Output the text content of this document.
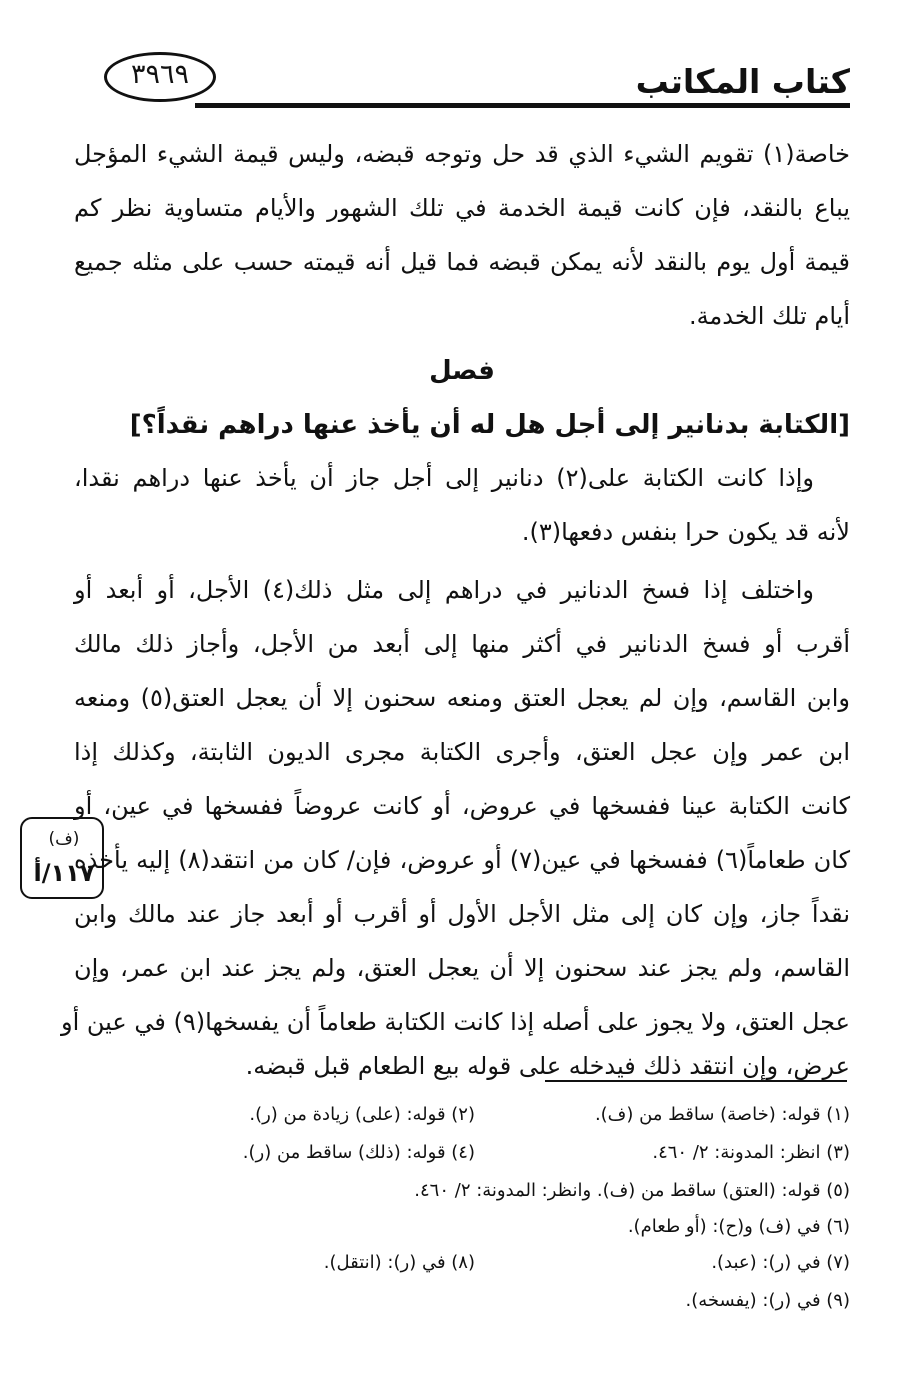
كتاب المكاتب
٣٩٦٩
خاصة(١) تقويم الشيء الذي قد حل وتوجه قبضه، وليس قيمة الشيء المؤجل
يباع بالنقد، فإن كانت قيمة الخدمة في تلك الشهور والأيام متساوية نظر كم
قيمة أول يوم بالنقد لأنه يمكن قبضه فما قيل أنه قيمته حسب على مثله جميع
أيام تلك الخدمة.
فصل
[الكتابة بدنانير إلى أجل هل له أن يأخذ عنها دراهم نقداً؟]
وإذا كانت الكتابة على(٢) دنانير إلى أجل جاز أن يأخذ عنها دراهم نقدا،
لأنه قد يكون حرا بنفس دفعها(٣).
واختلف إذا فسخ الدنانير في دراهم إلى مثل ذلك(٤) الأجل، أو أبعد أو
أقرب أو فسخ الدنانير في أكثر منها إلى أبعد من الأجل، وأجاز ذلك مالك
وابن القاسم، وإن لم يعجل العتق ومنعه سحنون إلا أن يعجل العتق(٥) ومنعه
ابن عمر وإن عجل العتق، وأجرى الكتابة مجرى الديون الثابتة، وكذلك إذا
كانت الكتابة عينا ففسخها في عروض، أو كانت عروضاً ففسخها في عين، أو
كان طعاماً(٦) ففسخها في عين(٧) أو عروض، فإن/ كان من انتقد(٨) إليه يأخذه
نقداً جاز، وإن كان إلى مثل الأجل الأول أو أقرب أو أبعد جاز عند مالك وابن
القاسم، ولم يجز عند سحنون إلا أن يعجل العتق، ولم يجز عند ابن عمر، وإن
عجل العتق، ولا يجوز على أصله إذا كانت الكتابة طعاماً أن يفسخها(٩) في عين أو
عرض، وإن انتقد ذلك فيدخله على قوله بيع الطعام قبل قبضه.
(ف)
١١٧/أ
(١) قوله: (خاصة) ساقط من (ف).
(٢) قوله: (على) زيادة من (ر).
(٣) انظر: المدونة: ٢/ ٤٦٠.
(٤) قوله: (ذلك) ساقط من (ر).
(٥) قوله: (العتق) ساقط من (ف). وانظر: المدونة: ٢/ ٤٦٠.
(٦) في (ف) و(ح): (أو طعام).
(٧) في (ر): (عبد).
(٨) في (ر): (انتقل).
(٩) في (ر): (يفسخه).
